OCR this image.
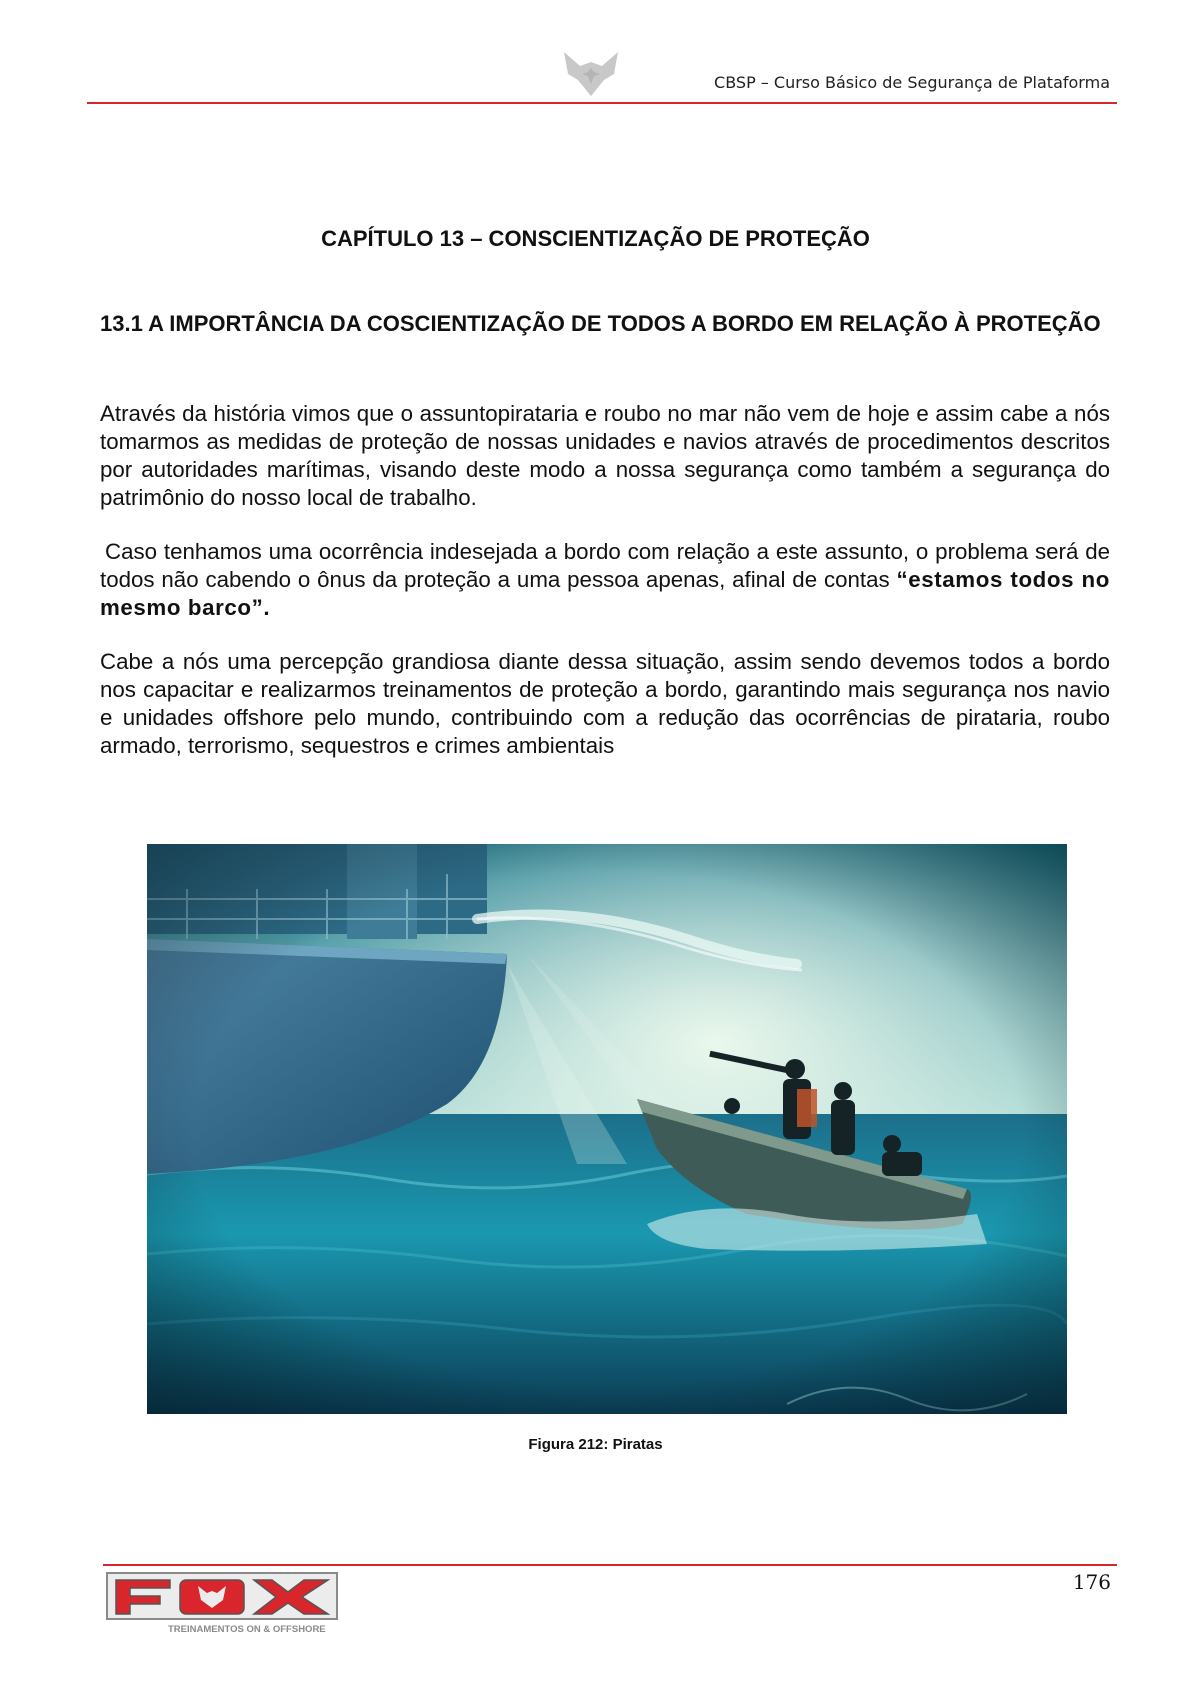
CBSP – Curso Básico de Segurança de Plataforma
CAPÍTULO 13 – CONSCIENTIZAÇÃO DE PROTEÇÃO
13.1 A IMPORTÂNCIA DA COSCIENTIZAÇÃO DE TODOS A BORDO EM RELAÇÃO À PROTEÇÃO

Através da história vimos que o assuntopirataria e roubo no mar não vem de hoje e assim cabe a nós tomarmos as medidas de proteção de nossas unidades e navios através de procedimentos descritos por autoridades marítimas, visando deste modo a nossa segurança como também a segurança do patrimônio do nosso local de trabalho.

Caso tenhamos uma ocorrência indesejada a bordo com relação a este assunto, o problema será de todos não cabendo o ônus da proteção a uma pessoa apenas, afinal de contas “estamos todos no mesmo barco”.

Cabe a nós uma percepção grandiosa diante dessa situação, assim sendo devemos todos a bordo nos capacitar e realizarmos treinamentos de proteção a bordo, garantindo mais segurança nos navio e unidades offshore pelo mundo, contribuindo com a redução das ocorrências de pirataria, roubo armado, terrorismo, sequestros e crimes ambientais

Figura 212: Piratas
176
TREINAMENTOS ON & OFFSHORE
